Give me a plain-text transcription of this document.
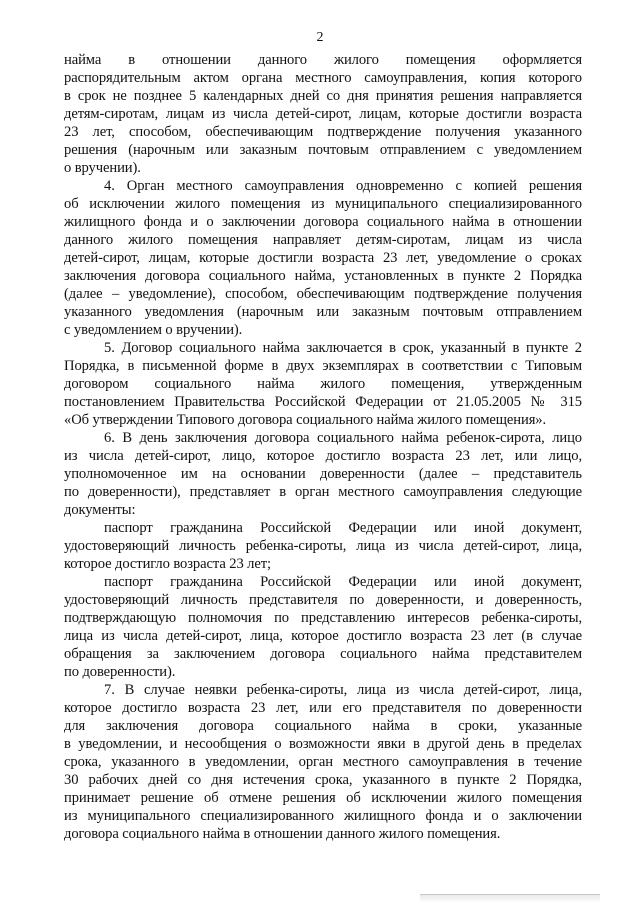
2
найма в отношении данного жилого помещения оформляется
распорядительным актом органа местного самоуправления, копия которого
в срок не позднее 5 календарных дней со дня принятия решения направляется
детям-сиротам, лицам из числа детей-сирот, лицам, которые достигли возраста
23 лет, способом, обеспечивающим подтверждение получения указанного
решения (нарочным или заказным почтовым отправлением с уведомлением
о вручении).
4. Орган местного самоуправления одновременно с копией решения
об исключении жилого помещения из муниципального специализированного
жилищного фонда и о заключении договора социального найма в отношении
данного жилого помещения направляет детям-сиротам, лицам из числа
детей-сирот, лицам, которые достигли возраста 23 лет, уведомление о сроках
заключения договора социального найма, установленных в пункте 2 Порядка
(далее – уведомление), способом, обеспечивающим подтверждение получения
указанного уведомления (нарочным или заказным почтовым отправлением
с уведомлением о вручении).
5. Договор социального найма заключается в срок, указанный в пункте 2
Порядка, в письменной форме в двух экземплярах в соответствии с Типовым
договором социального найма жилого помещения, утвержденным
постановлением Правительства Российской Федерации от 21.05.2005 № 315
«Об утверждении Типового договора социального найма жилого помещения».
6. В день заключения договора социального найма ребенок-сирота, лицо
из числа детей-сирот, лицо, которое достигло возраста 23 лет, или лицо,
уполномоченное им на основании доверенности (далее – представитель
по доверенности), представляет в орган местного самоуправления следующие
документы:
паспорт гражданина Российской Федерации или иной документ,
удостоверяющий личность ребенка-сироты, лица из числа детей-сирот, лица,
которое достигло возраста 23 лет;
паспорт гражданина Российской Федерации или иной документ,
удостоверяющий личность представителя по доверенности, и доверенность,
подтверждающую полномочия по представлению интересов ребенка-сироты,
лица из числа детей-сирот, лица, которое достигло возраста 23 лет (в случае
обращения за заключением договора социального найма представителем
по доверенности).
7. В случае неявки ребенка-сироты, лица из числа детей-сирот, лица,
которое достигло возраста 23 лет, или его представителя по доверенности
для заключения договора социального найма в сроки, указанные
в уведомлении, и несообщения о возможности явки в другой день в пределах
срока, указанного в уведомлении, орган местного самоуправления в течение
30 рабочих дней со дня истечения срока, указанного в пункте 2 Порядка,
принимает решение об отмене решения об исключении жилого помещения
из муниципального специализированного жилищного фонда и о заключении
договора социального найма в отношении данного жилого помещения.
